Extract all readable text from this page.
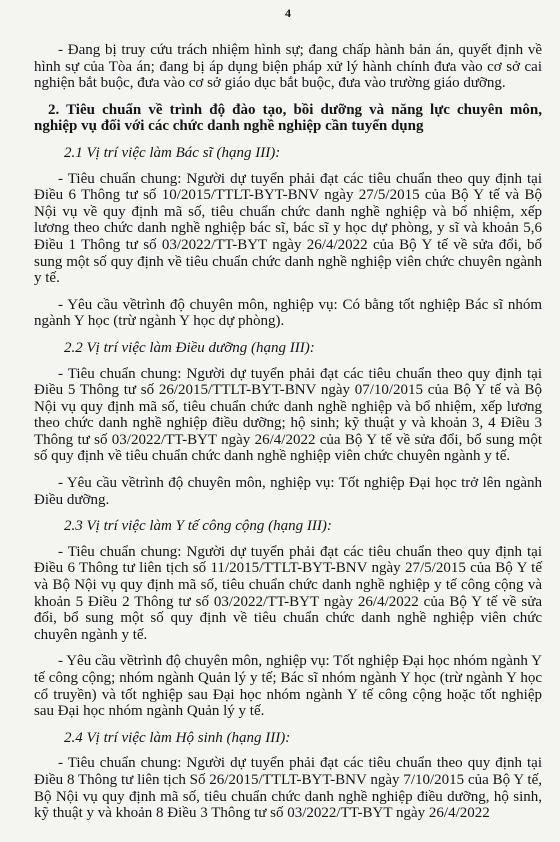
4

- Đang bị truy cứu trách nhiệm hình sự; đang chấp hành bản án, quyết định về hình sự của Tòa án; đang bị áp dụng biện pháp xử lý hành chính đưa vào cơ sở cai nghiện bắt buộc, đưa vào cơ sở giáo dục bắt buộc, đưa vào trường giáo dưỡng.

2. Tiêu chuẩn về trình độ đào tạo, bồi dưỡng và năng lực chuyên môn, nghiệp vụ đối với các chức danh nghề nghiệp cần tuyển dụng

2.1 Vị trí việc làm Bác sĩ (hạng III):

- Tiêu chuẩn chung: Người dự tuyển phải đạt các tiêu chuẩn theo quy định tại Điều 6 Thông tư số 10/2015/TTLT-BYT-BNV ngày 27/5/2015 của Bộ Y tế và Bộ Nội vụ về quy định mã số, tiêu chuẩn chức danh nghề nghiệp và bổ nhiệm, xếp lương theo chức danh nghề nghiệp bác sĩ, bác sĩ y học dự phòng, y sĩ và khoản 5,6 Điều 1 Thông tư số 03/2022/TT-BYT ngày 26/4/2022 của Bộ Y tế về sửa đổi, bổ sung một số quy định về tiêu chuẩn chức danh nghề nghiệp viên chức chuyên ngành y tế.

- Yêu cầu vềtrình độ chuyên môn, nghiệp vụ: Có bằng tốt nghiệp Bác sĩ nhóm ngành Y học (trừ ngành Y học dự phòng).

2.2 Vị trí việc làm Điều dưỡng (hạng III):

- Tiêu chuẩn chung: Người dự tuyển phải đạt các tiêu chuẩn theo quy định tại Điều 5 Thông tư số 26/2015/TTLT-BYT-BNV ngày 07/10/2015 của Bộ Y tế và Bộ Nội vụ quy định mã số, tiêu chuẩn chức danh nghề nghiệp và bổ nhiệm, xếp lương theo chức danh nghề nghiệp điều dưỡng; hộ sinh; kỹ thuật y và khoản 3, 4 Điều 3 Thông tư số 03/2022/TT-BYT ngày 26/4/2022 của Bộ Y tế về sửa đổi, bổ sung một số quy định về tiêu chuẩn chức danh nghề nghiệp viên chức chuyên ngành y tế.

- Yêu cầu vềtrình độ chuyên môn, nghiệp vụ: Tốt nghiệp Đại học trở lên ngành Điều dưỡng.

2.3 Vị trí việc làm Y tế công cộng (hạng III):

- Tiêu chuẩn chung: Người dự tuyển phải đạt các tiêu chuẩn theo quy định tại Điều 6 Thông tư liên tịch số 11/2015/TTLT-BYT-BNV ngày 27/5/2015 của Bộ Y tế và Bộ Nội vụ quy định mã số, tiêu chuẩn chức danh nghề nghiệp y tế công cộng và khoản 5 Điều 2 Thông tư số 03/2022/TT-BYT ngày 26/4/2022 của Bộ Y tế về sửa đổi, bổ sung một số quy định về tiêu chuẩn chức danh nghề nghiệp viên chức chuyên ngành y tế.

- Yêu cầu vềtrình độ chuyên môn, nghiệp vụ: Tốt nghiệp Đại học nhóm ngành Y tế công cộng; nhóm ngành Quản lý y tế; Bác sĩ nhóm ngành Y học (trừ ngành Y học cổ truyền) và tốt nghiệp sau Đại học nhóm ngành Y tế công cộng hoặc tốt nghiệp sau Đại học nhóm ngành Quản lý y tế.

2.4 Vị trí việc làm Hộ sinh (hạng III):

- Tiêu chuẩn chung: Người dự tuyển phải đạt các tiêu chuẩn theo quy định tại Điều 8 Thông tư liên tịch Số 26/2015/TTLT-BYT-BNV ngày 7/10/2015 của Bộ Y tế, Bộ Nội vụ quy định mã số, tiêu chuẩn chức danh nghề nghiệp điều dưỡng, hộ sinh, kỹ thuật y và khoản 8 Điều 3 Thông tư số 03/2022/TT-BYT ngày 26/4/2022
